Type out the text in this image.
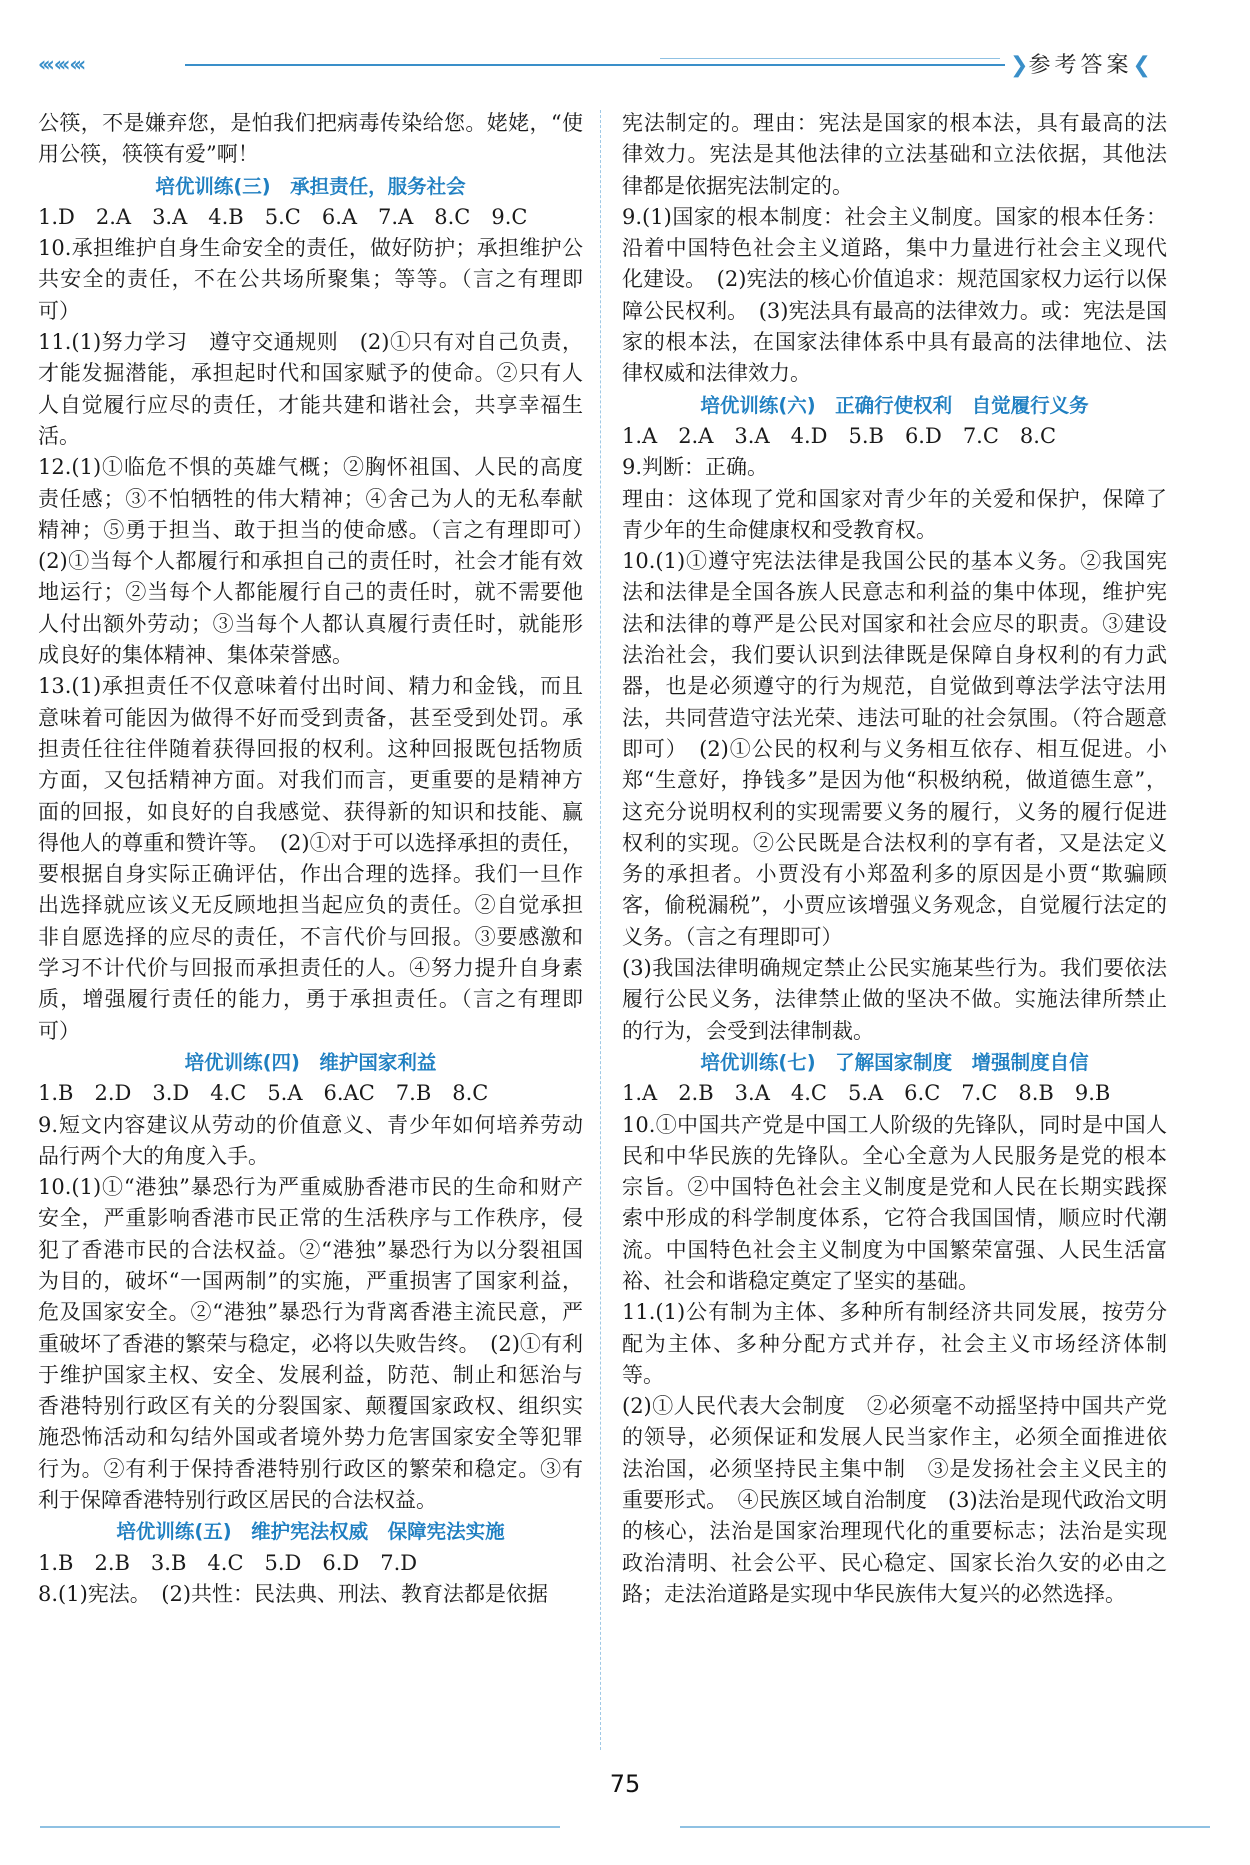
‹‹‹ ‹‹‹ ‹‹‹	❯参考答案❮

公筷，不是嫌弃您，是怕我们把病毒传染给您。姥姥，“使用公筷，筷筷有爱”啊！

培优训练(三)　承担责任，服务社会

1.D　2.A　3.A　4.B　5.C　6.A　7.A　8.C　9.C

10.承担维护自身生命安全的责任，做好防护；承担维护公共安全的责任，不在公共场所聚集；等等。（言之有理即可）

11.(1)努力学习　遵守交通规则　(2)①只有对自己负责，才能发掘潜能，承担起时代和国家赋予的使命。②只有人人自觉履行应尽的责任，才能共建和谐社会，共享幸福生活。

12.(1)①临危不惧的英雄气概；②胸怀祖国、人民的高度责任感；③不怕牺牲的伟大精神；④舍己为人的无私奉献精神；⑤勇于担当、敢于担当的使命感。（言之有理即可）　(2)①当每个人都履行和承担自己的责任时，社会才能有效地运行；②当每个人都能履行自己的责任时，就不需要他人付出额外劳动；③当每个人都认真履行责任时，就能形成良好的集体精神、集体荣誉感。

13.(1)承担责任不仅意味着付出时间、精力和金钱，而且意味着可能因为做得不好而受到责备，甚至受到处罚。承担责任往往伴随着获得回报的权利。这种回报既包括物质方面，又包括精神方面。对我们而言，更重要的是精神方面的回报，如良好的自我感觉、获得新的知识和技能、赢得他人的尊重和赞许等。　(2)①对于可以选择承担的责任，要根据自身实际正确评估，作出合理的选择。我们一旦作出选择就应该义无反顾地担当起应负的责任。②自觉承担非自愿选择的应尽的责任，不言代价与回报。③要感激和学习不计代价与回报而承担责任的人。④努力提升自身素质，增强履行责任的能力，勇于承担责任。（言之有理即可）

培优训练(四)　维护国家利益

1.B　2.D　3.D　4.C　5.A　6.AC　7.B　8.C

9.短文内容建议从劳动的价值意义、青少年如何培养劳动品行两个大的角度入手。

10.(1)①“港独”暴恐行为严重威胁香港市民的生命和财产安全，严重影响香港市民正常的生活秩序与工作秩序，侵犯了香港市民的合法权益。②“港独”暴恐行为以分裂祖国为目的，破坏“一国两制”的实施，严重损害了国家利益，危及国家安全。②“港独”暴恐行为背离香港主流民意，严重破坏了香港的繁荣与稳定，必将以失败告终。　(2)①有利于维护国家主权、安全、发展利益，防范、制止和惩治与香港特别行政区有关的分裂国家、颠覆国家政权、组织实施恐怖活动和勾结外国或者境外势力危害国家安全等犯罪行为。②有利于保持香港特别行政区的繁荣和稳定。③有利于保障香港特别行政区居民的合法权益。

培优训练(五)　维护宪法权威　保障宪法实施

1.B　2.B　3.B　4.C　5.D　6.D　7.D

8.(1)宪法。　(2)共性：民法典、刑法、教育法都是依据

宪法制定的。理由：宪法是国家的根本法，具有最高的法律效力。宪法是其他法律的立法基础和立法依据，其他法律都是依据宪法制定的。

9.(1)国家的根本制度：社会主义制度。国家的根本任务：沿着中国特色社会主义道路，集中力量进行社会主义现代化建设。　(2)宪法的核心价值追求：规范国家权力运行以保障公民权利。　(3)宪法具有最高的法律效力。或：宪法是国家的根本法，在国家法律体系中具有最高的法律地位、法律权威和法律效力。

培优训练(六)　正确行使权利　自觉履行义务

1.A　2.A　3.A　4.D　5.B　6.D　7.C　8.C

9.判断：正确。

理由：这体现了党和国家对青少年的关爱和保护，保障了青少年的生命健康权和受教育权。

10.(1)①遵守宪法法律是我国公民的基本义务。②我国宪法和法律是全国各族人民意志和利益的集中体现，维护宪法和法律的尊严是公民对国家和社会应尽的职责。③建设法治社会，我们要认识到法律既是保障自身权利的有力武器，也是必须遵守的行为规范，自觉做到尊法学法守法用法，共同营造守法光荣、违法可耻的社会氛围。（符合题意即可）　(2)①公民的权利与义务相互依存、相互促进。小郑“生意好，挣钱多”是因为他“积极纳税，做道德生意”，这充分说明权利的实现需要义务的履行，义务的履行促进权利的实现。②公民既是合法权利的享有者，又是法定义务的承担者。小贾没有小郑盈利多的原因是小贾“欺骗顾客，偷税漏税”，小贾应该增强义务观念，自觉履行法定的义务。（言之有理即可）

(3)我国法律明确规定禁止公民实施某些行为。我们要依法履行公民义务，法律禁止做的坚决不做。实施法律所禁止的行为，会受到法律制裁。

培优训练(七)　了解国家制度　增强制度自信

1.A　2.B　3.A　4.C　5.A　6.C　7.C　8.B　9.B

10.①中国共产党是中国工人阶级的先锋队，同时是中国人民和中华民族的先锋队。全心全意为人民服务是党的根本宗旨。②中国特色社会主义制度是党和人民在长期实践探索中形成的科学制度体系，它符合我国国情，顺应时代潮流。中国特色社会主义制度为中国繁荣富强、人民生活富裕、社会和谐稳定奠定了坚实的基础。

11.(1)公有制为主体、多种所有制经济共同发展，按劳分配为主体、多种分配方式并存，社会主义市场经济体制等。

(2)①人民代表大会制度　②必须毫不动摇坚持中国共产党的领导，必须保证和发展人民当家作主，必须全面推进依法治国，必须坚持民主集中制　③是发扬社会主义民主的重要形式。　④民族区域自治制度　(3)法治是现代政治文明的核心，法治是国家治理现代化的重要标志；法治是实现政治清明、社会公平、民心稳定、国家长治久安的必由之路；走法治道路是实现中华民族伟大复兴的必然选择。

75
